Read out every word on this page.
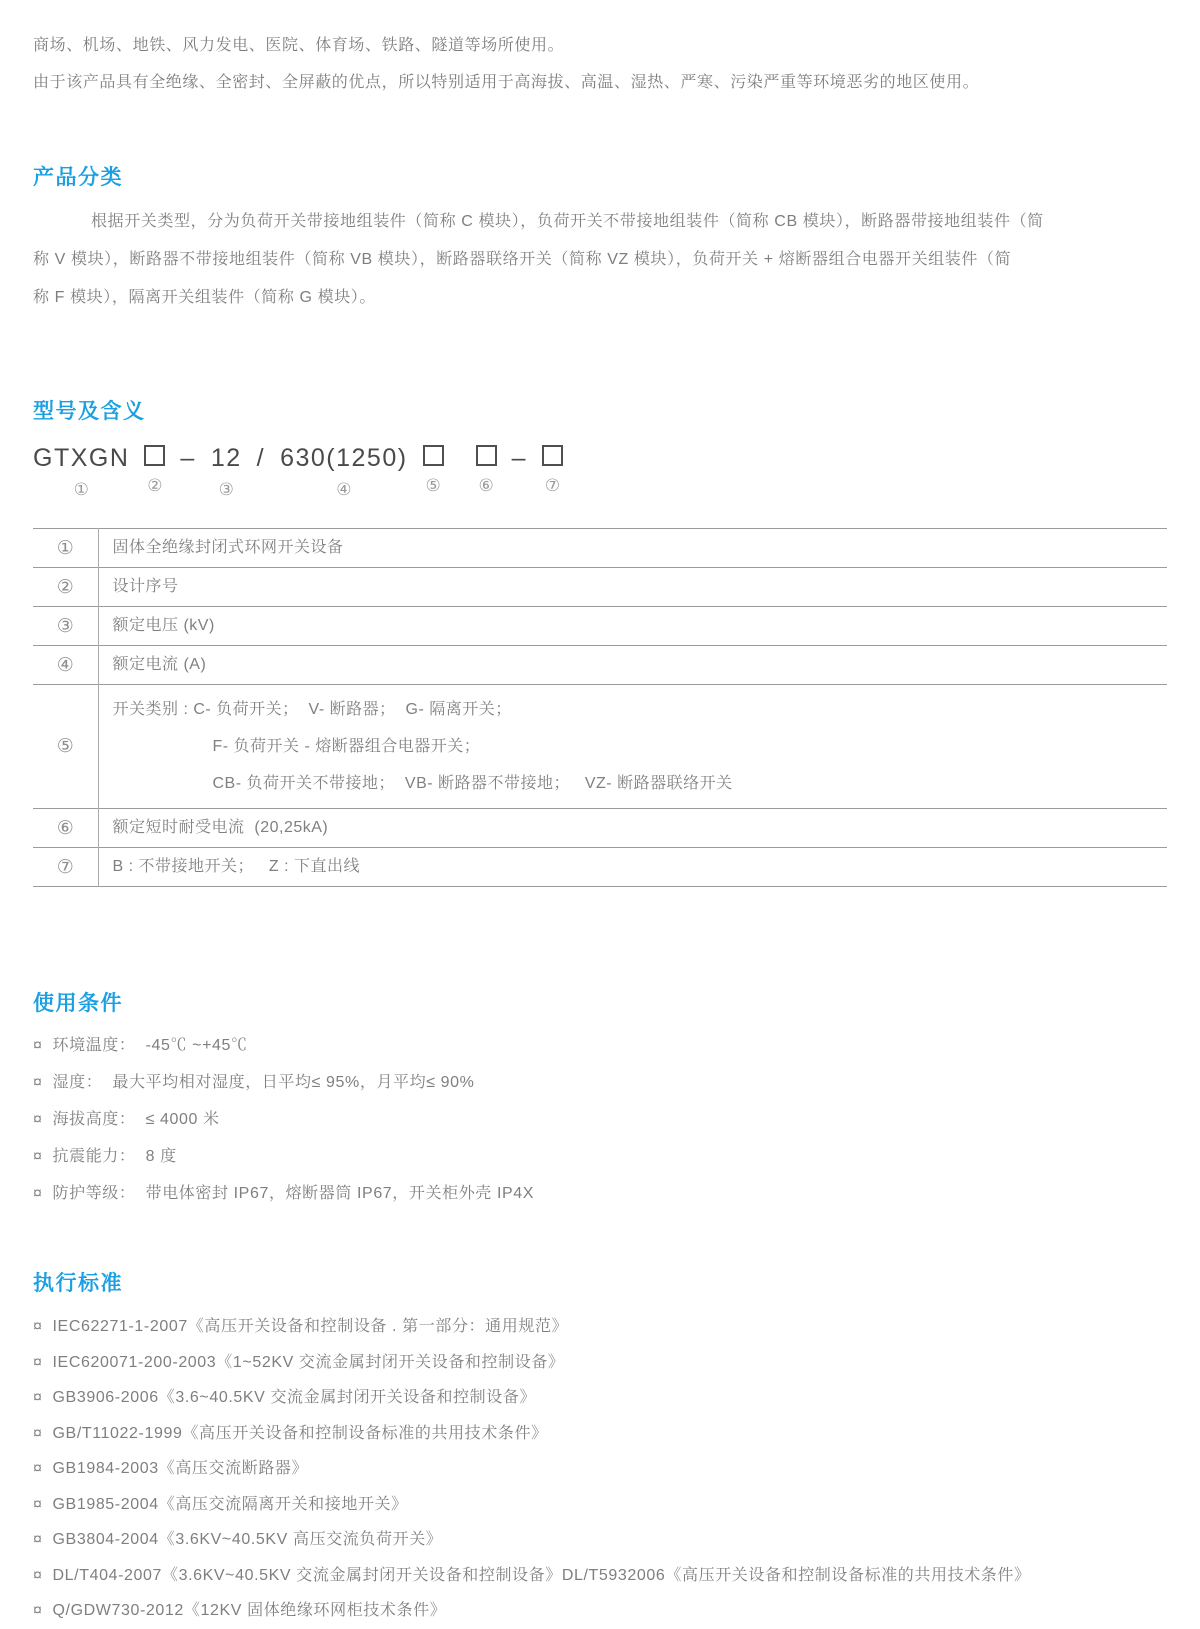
商场、机场、地铁、风力发电、医院、体育场、铁路、隧道等场所使用。

由于该产品具有全绝缘、全密封、全屏蔽的优点，所以特别适用于高海拔、高温、湿热、严寒、污染严重等环境恶劣的地区使用。

产品分类
根据开关类型，分为负荷开关带接地组装件（简称 C 模块），负荷开关不带接地组装件（简称 CB 模块），断路器带接地组装件（简
称 V 模块），断路器不带接地组装件（简称 VB 模块），断路器联络开关（简称 VZ 模块），负荷开关 + 熔断器组合电器开关组装件（简
称 F 模块），隔离开关组装件（简称 G 模块）。
型号及含义
GTXGN
①	②
– 12
③
/ 630(1250)
④	⑤ ⑥
–
⑦
①	固体全绝缘封闭式环网开关设备

②	设计序号

③	额定电压 (kV)

④	额定电流 (A)

⑤	开关类别 : C- 负荷开关；  V- 断路器；  G- 隔离开关；
F- 负荷开关 - 熔断器组合电器开关；
CB- 负荷开关不带接地；  VB- 断路器不带接地；   VZ- 断路器联络开关

⑥	额定短时耐受电流  (20,25kA)

⑦	B : 不带接地开关；   Z : 下直出线
使用条件
¤ 环境温度：  -45℃ ~+45℃
¤ 湿度：  最大平均相对湿度，日平均≤ 95%，月平均≤ 90%
¤ 海拔高度：  ≤ 4000 米
¤ 抗震能力：  8 度
¤ 防护等级：  带电体密封 IP67，熔断器筒 IP67，开关柜外壳 IP4X
执行标准
¤ IEC62271-1-2007《高压开关设备和控制设备 . 第一部分：通用规范》
¤ IEC620071-200-2003《1~52KV 交流金属封闭开关设备和控制设备》
¤ GB3906-2006《3.6~40.5KV 交流金属封闭开关设备和控制设备》
¤ GB/T11022-1999《高压开关设备和控制设备标准的共用技术条件》
¤ GB1984-2003《高压交流断路器》
¤ GB1985-2004《高压交流隔离开关和接地开关》
¤ GB3804-2004《3.6KV~40.5KV 高压交流负荷开关》
¤ DL/T404-2007《3.6KV~40.5KV 交流金属封闭开关设备和控制设备》DL/T5932006《高压开关设备和控制设备标准的共用技术条件》
¤ Q/GDW730-2012《12KV 固体绝缘环网柜技术条件》
